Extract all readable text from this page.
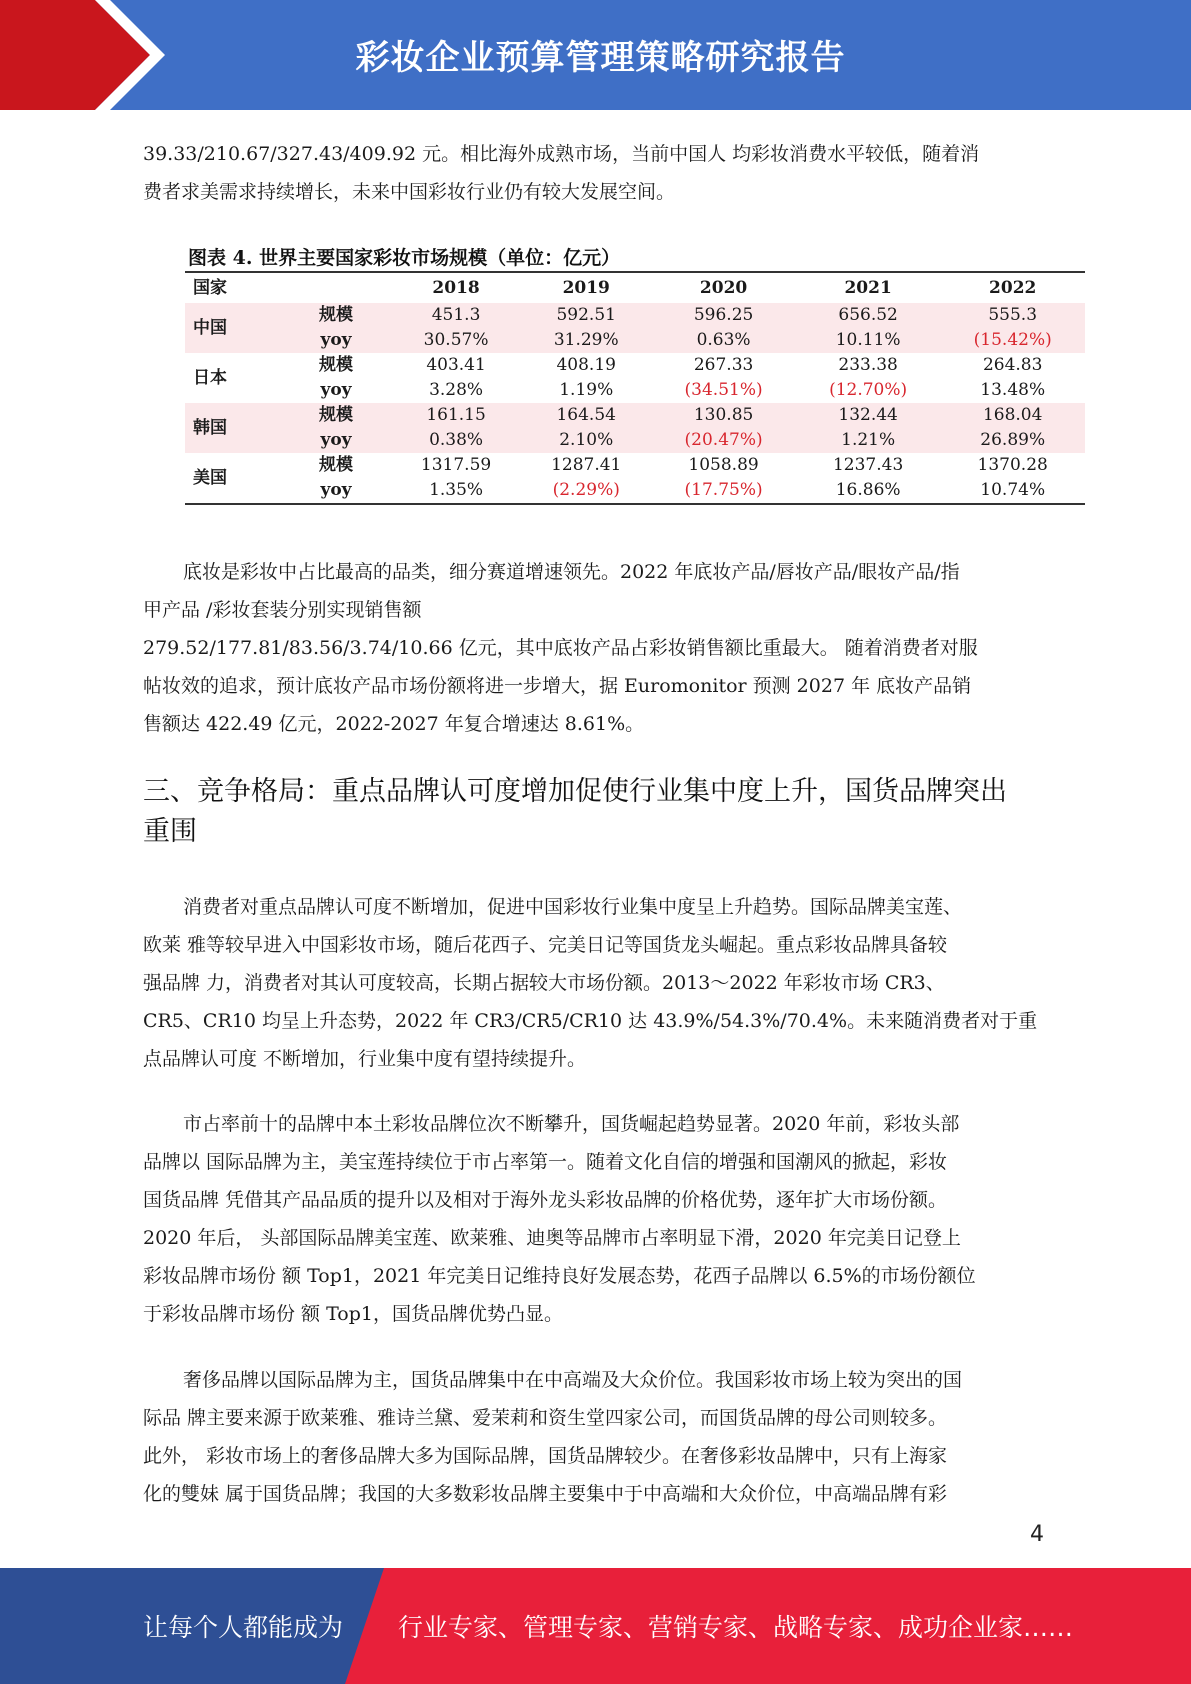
彩妆企业预算管理策略研究报告

39.33/210.67/327.43/409.92 元。相比海外成熟市场，当前中国人 均彩妆消费水平较低，随着消
费者求美需求持续增长，未来中国彩妆行业仍有较大发展空间。

图表 4. 世界主要国家彩妆市场规模（单位：亿元）
国家		2018	2019	2020	2021	2022
中国	规模	451.3	592.51	596.25	656.52	555.3
	yoy	30.57%	31.29%	0.63%	10.11%	(15.42%)
日本	规模	403.41	408.19	267.33	233.38	264.83
	yoy	3.28%	1.19%	(34.51%)	(12.70%)	13.48%
韩国	规模	161.15	164.54	130.85	132.44	168.04
	yoy	0.38%	2.10%	(20.47%)	1.21%	26.89%
美国	规模	1317.59	1287.41	1058.89	1237.43	1370.28
	yoy	1.35%	(2.29%)	(17.75%)	16.86%	10.74%

底妆是彩妆中占比最高的品类，细分赛道增速领先。2022 年底妆产品/唇妆产品/眼妆产品/指
甲产品 /彩妆套装分别实现销售额
279.52/177.81/83.56/3.74/10.66 亿元，其中底妆产品占彩妆销售额比重最大。 随着消费者对服
帖妆效的追求，预计底妆产品市场份额将进一步增大，据 Euromonitor 预测 2027 年 底妆产品销
售额达 422.49 亿元，2022-2027 年复合增速达 8.61%。

三、竞争格局：重点品牌认可度增加促使行业集中度上升，国货品牌突出
重围

消费者对重点品牌认可度不断增加，促进中国彩妆行业集中度呈上升趋势。国际品牌美宝莲、
欧莱 雅等较早进入中国彩妆市场，随后花西子、完美日记等国货龙头崛起。重点彩妆品牌具备较
强品牌 力，消费者对其认可度较高，长期占据较大市场份额。2013～2022 年彩妆市场 CR3、
CR5、CR10 均呈上升态势，2022 年 CR3/CR5/CR10 达 43.9%/54.3%/70.4%。未来随消费者对于重
点品牌认可度 不断增加，行业集中度有望持续提升。

市占率前十的品牌中本土彩妆品牌位次不断攀升，国货崛起趋势显著。2020 年前，彩妆头部
品牌以 国际品牌为主，美宝莲持续位于市占率第一。随着文化自信的增强和国潮风的掀起，彩妆
国货品牌 凭借其产品品质的提升以及相对于海外龙头彩妆品牌的价格优势，逐年扩大市场份额。
2020 年后， 头部国际品牌美宝莲、欧莱雅、迪奥等品牌市占率明显下滑，2020 年完美日记登上
彩妆品牌市场份 额 Top1，2021 年完美日记维持良好发展态势，花西子品牌以 6.5%的市场份额位
于彩妆品牌市场份 额 Top1，国货品牌优势凸显。

奢侈品牌以国际品牌为主，国货品牌集中在中高端及大众价位。我国彩妆市场上较为突出的国
际品 牌主要来源于欧莱雅、雅诗兰黛、爱茉莉和资生堂四家公司，而国货品牌的母公司则较多。
此外， 彩妆市场上的奢侈品牌大多为国际品牌，国货品牌较少。在奢侈彩妆品牌中，只有上海家
化的雙妹 属于国货品牌；我国的大多数彩妆品牌主要集中于中高端和大众价位，中高端品牌有彩

4
让每个人都能成为 行业专家、管理专家、营销专家、战略专家、成功企业家……
